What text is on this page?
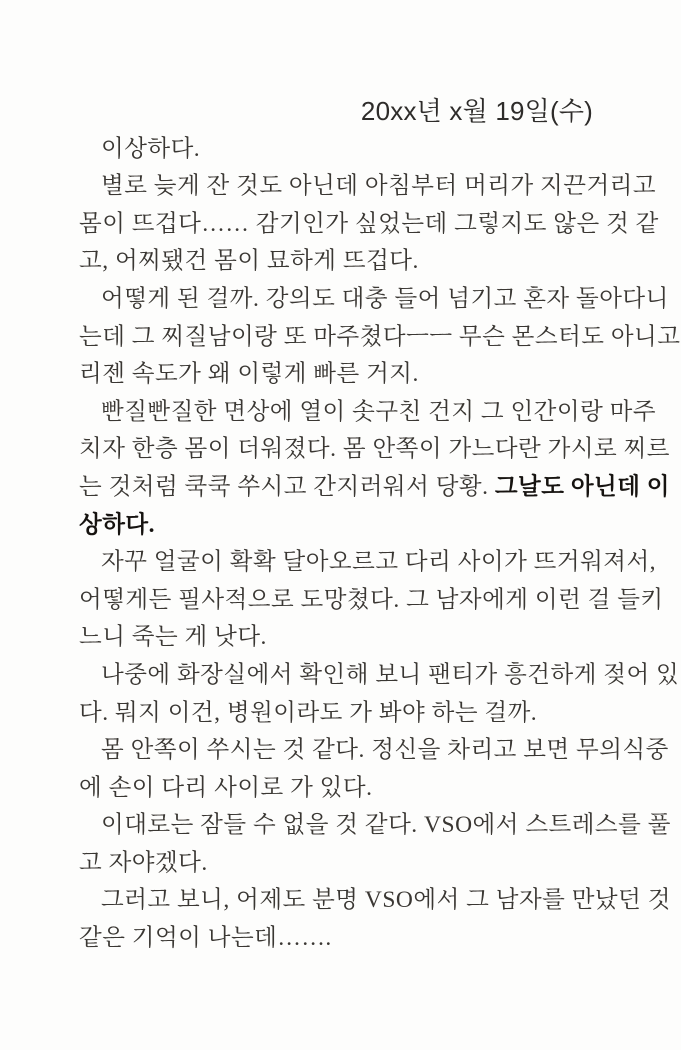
20xx년 x월 19일(수)
이상하다.
별로 늦게 잔 것도 아닌데 아침부터 머리가 지끈거리고
몸이 뜨겁다…… 감기인가 싶었는데 그렇지도 않은 것 같
고, 어찌됐건 몸이 묘하게 뜨겁다.
어떻게 된 걸까. 강의도 대충 들어 넘기고 혼자 돌아다니
는데 그 찌질남이랑 또 마주쳤다ㅡㅡ 무슨 몬스터도 아니고
리젠 속도가 왜 이렇게 빠른 거지.
빤질빤질한 면상에 열이 솟구친 건지 그 인간이랑 마주
치자 한층 몸이 더워졌다. 몸 안쪽이 가느다란 가시로 찌르
는 것처럼 쿡쿡 쑤시고 간지러워서 당황. 그날도 아닌데 이
상하다.
자꾸 얼굴이 확확 달아오르고 다리 사이가 뜨거워져서,
어떻게든 필사적으로 도망쳤다. 그 남자에게 이런 걸 들키
느니 죽는 게 낫다.
나중에 화장실에서 확인해 보니 팬티가 흥건하게 젖어 있
다. 뭐지 이건, 병원이라도 가 봐야 하는 걸까.
몸 안쪽이 쑤시는 것 같다. 정신을 차리고 보면 무의식중
에 손이 다리 사이로 가 있다.
이대로는 잠들 수 없을 것 같다. VSO에서 스트레스를 풀
고 자야겠다.
그러고 보니, 어제도 분명 VSO에서 그 남자를 만났던 것
같은 기억이 나는데…….
